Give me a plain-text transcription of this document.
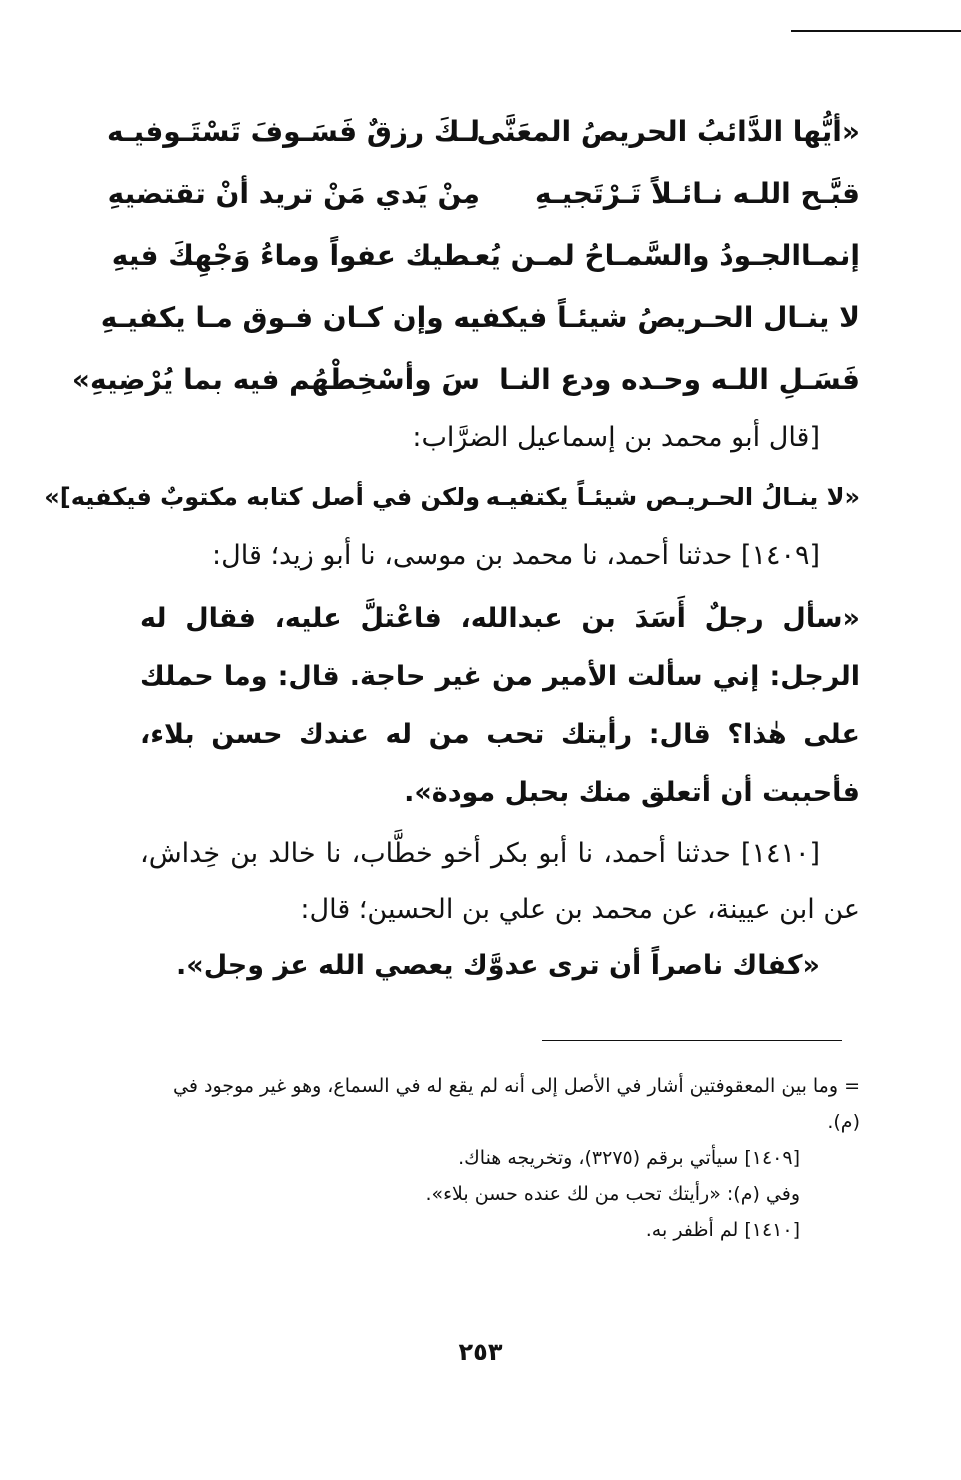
«أيُّها الدَّائبُ الحريصُ المعَنَّى
لـكَ رزقٌ فَسَـوفَ تَسْتَـوفيـه
قبَّـح اللـه نـائـلاً تَـرْتَجيـهِ
مِنْ يَدي مَنْ تريد أنْ تقتضيهِ
إنمـاالجـودُ والسَّمـاحُ لمـن يُعـ
ـطيك عفواً وماءُ وَجْهِكَ فيهِ
لا ينـال الحـريصُ شيئـاً فيكفيـ
ـه وإن كـان فـوق مـا يكفيـهِ
فَسَـلِ اللـه وحـده ودع النـا
سَ وأسْخِطْهُم فيه بما يُرْضِيهِ»

[قال أبو محمد بن إسماعيل الضرَّاب:

«لا ينـالُ الحـريـص شيئـاً يكتفيـه
ولكن في أصل كتابه مكتوبٌ فيكفيه]»

[١٤٠٩] حدثنا أحمد، نا محمد بن موسى، نا أبو زيد؛ قال:

«سأل رجلٌ أَسَدَ بن عبدالله، فاعْتلَّ عليه، فقال له الرجل: إني سألت الأمير من غير حاجة. قال: وما حملك على هٰذا؟ قال: رأيتك تحب من له عندك حسن بلاء، فأحببت أن أتعلق منك بحبل مودة».

[١٤١٠] حدثنا أحمد، نا أبو بكر أخو خطَّاب، نا خالد بن خِداش، عن ابن عيينة، عن محمد بن علي بن الحسين؛ قال:

«كفاك ناصراً أن ترى عدوَّك يعصي الله عز وجل».

= وما بين المعقوفتين أشار في الأصل إلى أنه لم يقع له في السماع، وهو غير موجود في (م).

[١٤٠٩] سيأتي برقم (٣٢٧٥)، وتخريجه هناك.

وفي (م): «رأيتك تحب من لك عنده حسن بلاء».

[١٤١٠] لم أظفر به.

٢٥٣
